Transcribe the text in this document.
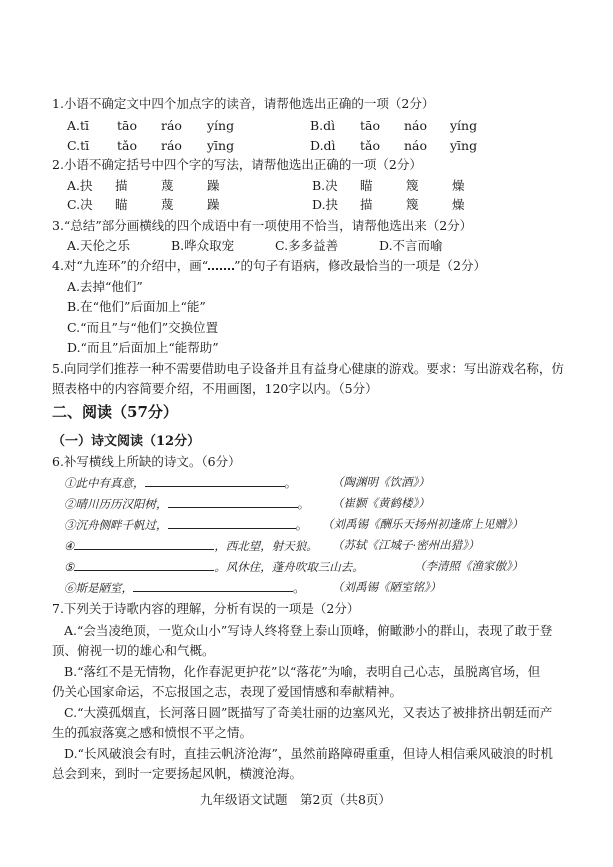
1.小语不确定文中四个加点字的读音，请帮他选出正确的一项（2分）
A.tī tāo ráo yíng	B.dì tāo náo yíng
C.tī tǎo ráo yīng	D.dì tǎo náo yīng
2.小语不确定括号中四个字的写法，请帮他选出正确的一项（2分）
A.抉 描	蔑	躁	B.决 瞄	篾	燥
C.决 瞄	蔑	躁	D.抉 描	篾	燥
3.“总结”部分画横线的四个成语中有一项使用不恰当，请帮他选出来（2分）
A.天伦之乐	B.哗众取宠	C.多多益善	D.不言而喻
4.对“九连环”的介绍中，画“ ”的句子有语病，修改最恰当的一项是（2分）
A.去掉“他们”
B.在“他们”后面加上“能”
C.“而且”与“他们”交换位置
D.“而且”后面加上“能帮助”
5.向同学们推荐一种不需要借助电子设备并且有益身心健康的游戏。要求：写出游戏名称，仿
照表格中的内容简要介绍，不用画图，120字以内。（5分）
二、阅读（57分）
（一）诗文阅读（12分）
6.补写横线上所缺的诗文。（6分）
①此中有真意，	。	（陶渊明《饮酒》）
②晴川历历汉阳树，	。 （崔颢《黄鹤楼》）
③沉舟侧畔千帆过，	。 （刘禹锡《酬乐天扬州初逢席上见赠》）
④	，西北望，射天狼。 （苏轼《江城子·密州出猎》）
⑤	。风休住，蓬舟吹取三山去。	（李清照《渔家傲》）
⑥斯是陋室，	。 （刘禹锡《陋室铭》）
7.下列关于诗歌内容的理解，分析有误的一项是（2分）
A.“会当凌绝顶，一览众山小”写诗人终将登上泰山顶峰，俯瞰渺小的群山，表现了敢于登
顶、俯视一切的雄心和气概。
B.“落红不是无情物，化作春泥更护花”以“落花”为喻，表明自己心志，虽脱离官场，但
仍关心国家命运，不忘报国之志，表现了爱国情感和奉献精神。
C.“大漠孤烟直，长河落日圆”既描写了奇美壮丽的边塞风光，又表达了被排挤出朝廷而产
生的孤寂落寞之感和愤恨不平之情。
D.“长风破浪会有时，直挂云帆济沧海”，虽然前路障碍重重，但诗人相信乘风破浪的时机
总会到来，到时一定要扬起风帆，横渡沧海。
九年级语文试题　第2页（共8页）
